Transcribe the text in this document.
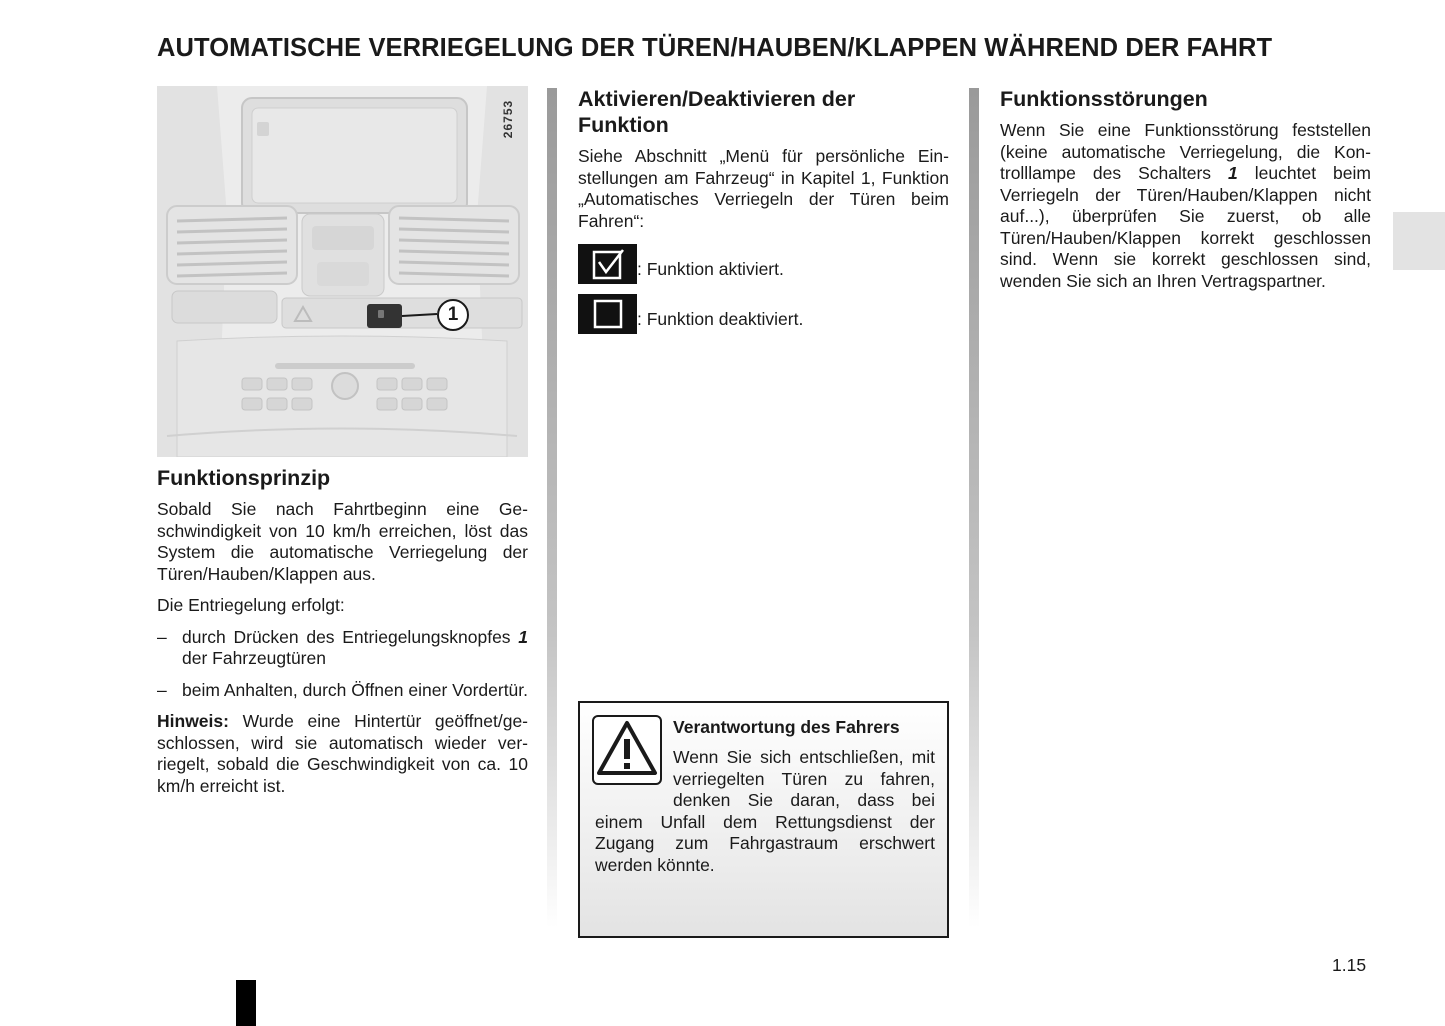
AUTOMATISCHE VERRIEGELUNG DER TÜREN/HAUBEN/KLAPPEN WÄHREND DER FAHRT
26753
1
Funktionsprinzip

Sobald Sie nach Fahrtbeginn eine Geschwindigkeit von 10 km/h erreichen, löst das System die automatische Verriegelung der Türen/Hauben/Klappen aus.

Die Entriegelung erfolgt:

– durch Drücken des Entriegelungsknopfes 1 der Fahrzeugtüren
– beim Anhalten, durch Öffnen einer Vordertür.

Hinweis: Wurde eine Hintertür geöffnet/geschlossen, wird sie automatisch wieder verriegelt, sobald die Geschwindigkeit von ca. 10 km/h erreicht ist.

Aktivieren/Deaktivieren der Funktion

Siehe Abschnitt „Menü für persönliche Einstellungen am Fahrzeug“ in Kapitel 1, Funktion „Automatisches Verriegeln der Türen beim Fahren“:

: Funktion aktiviert.
: Funktion deaktiviert.
Verantwortung des Fahrers
Wenn Sie sich entschließen, mit verriegelten Türen zu fahren, denken Sie daran, dass bei einem Unfall dem Rettungsdienst der Zugang zum Fahrgastraum erschwert werden könnte.
Funktionsstörungen

Wenn Sie eine Funktionsstörung feststellen (keine automatische Verriegelung, die Kontrolllampe des Schalters 1 leuchtet beim Verriegeln der Türen/Hauben/Klappen nicht auf...), überprüfen Sie zuerst, ob alle Türen/Hauben/Klappen korrekt geschlossen sind. Wenn sie korrekt geschlossen sind, wenden Sie sich an Ihren Vertragspartner.

1.15
